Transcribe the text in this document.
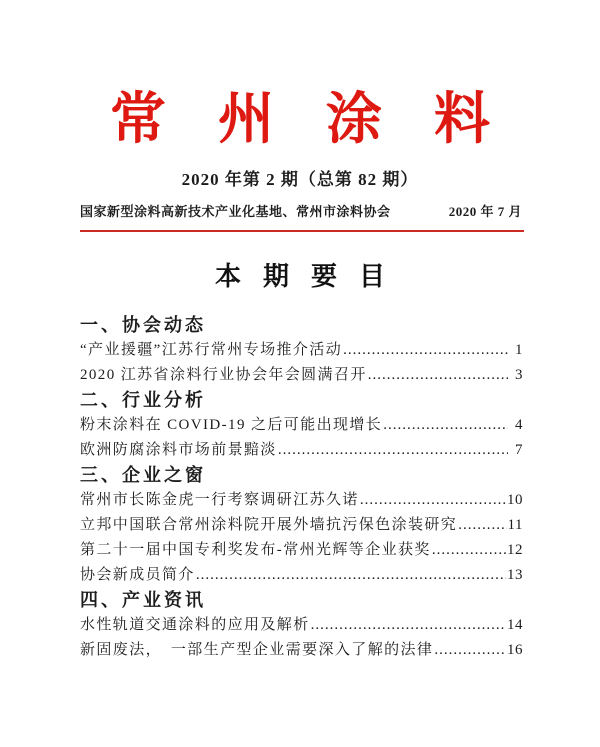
常州涂料
2020 年第 2 期（总第 82 期）
国家新型涂料高新技术产业化基地、常州市涂料协会	2020 年 7 月
本期要目
一、协会动态
“产业援疆”江苏行常州专场推介活动 .....	1
2020 江苏省涂料行业协会年会圆满召开 .....	3
二、行业分析
粉末涂料在 COVID-19 之后可能出现增长 .....	4
欧洲防腐涂料市场前景黯淡 .....	7
三、企业之窗
常州市长陈金虎一行考察调研江苏久诺 .....	10
立邦中国联合常州涂料院开展外墙抗污保色涂装研究 .....	11
第二十一届中国专利奖发布-常州光辉等企业获奖 .....	12
协会新成员简介 .....	13
四、产业资讯
水性轨道交通涂料的应用及解析 .....	14
新固废法，　一部生产型企业需要深入了解的法律 .....	16
